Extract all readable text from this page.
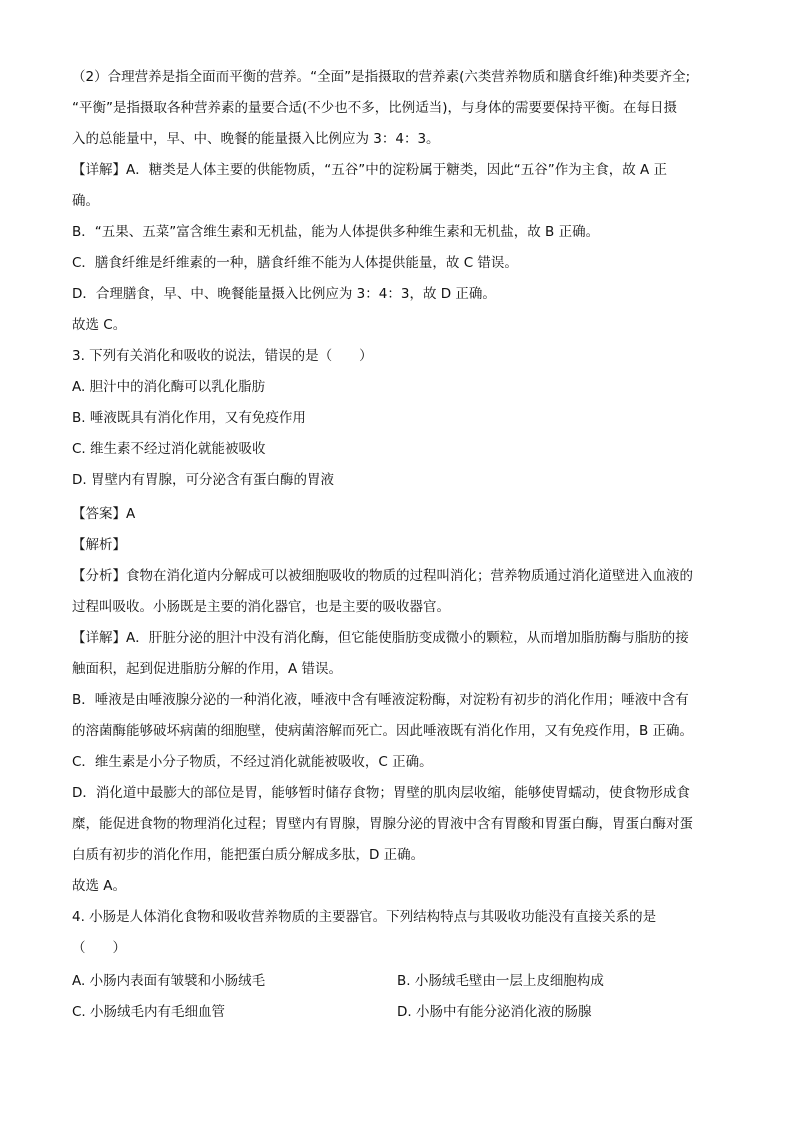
（2）合理营养是指全面而平衡的营养。“全面”是指摄取的营养素(六类营养物质和膳食纤维)种类要齐全;
“平衡”是指摄取各种营养素的量要合适(不少也不多，比例适当)，与身体的需要要保持平衡。在每日摄
入的总能量中，早、中、晚餐的能量摄入比例应为 3：4：3。
【详解】A．糖类是人体主要的供能物质，“五谷”中的淀粉属于糖类，因此“五谷”作为主食，故 A 正
确。
B．“五果、五菜”富含维生素和无机盐，能为人体提供多种维生素和无机盐，故 B 正确。
C．膳食纤维是纤维素的一种，膳食纤维不能为人体提供能量，故 C 错误。
D．合理膳食，早、中、晚餐能量摄入比例应为 3：4：3，故 D 正确。
故选 C。
3. 下列有关消化和吸收的说法，错误的是（　　）
A. 胆汁中的消化酶可以乳化脂肪
B. 唾液既具有消化作用，又有免疫作用
C. 维生素不经过消化就能被吸收
D. 胃壁内有胃腺，可分泌含有蛋白酶的胃液
【答案】A
【解析】
【分析】食物在消化道内分解成可以被细胞吸收的物质的过程叫消化；营养物质通过消化道壁进入血液的
过程叫吸收。小肠既是主要的消化器官，也是主要的吸收器官。
【详解】A．肝脏分泌的胆汁中没有消化酶，但它能使脂肪变成微小的颗粒，从而增加脂肪酶与脂肪的接
触面积，起到促进脂肪分解的作用，A 错误。
B．唾液是由唾液腺分泌的一种消化液，唾液中含有唾液淀粉酶，对淀粉有初步的消化作用；唾液中含有
的溶菌酶能够破坏病菌的细胞壁，使病菌溶解而死亡。因此唾液既有消化作用，又有免疫作用，B 正确。
C．维生素是小分子物质，不经过消化就能被吸收，C 正确。
D．消化道中最膨大的部位是胃，能够暂时储存食物；胃壁的肌肉层收缩，能够使胃蠕动，使食物形成食
糜，能促进食物的物理消化过程；胃壁内有胃腺，胃腺分泌的胃液中含有胃酸和胃蛋白酶，胃蛋白酶对蛋
白质有初步的消化作用，能把蛋白质分解成多肽，D 正确。
故选 A。
4. 小肠是人体消化食物和吸收营养物质的主要器官。下列结构特点与其吸收功能没有直接关系的是
（　　）
A. 小肠内表面有皱襞和小肠绒毛	B. 小肠绒毛壁由一层上皮细胞构成
C. 小肠绒毛内有毛细血管	D. 小肠中有能分泌消化液的肠腺
